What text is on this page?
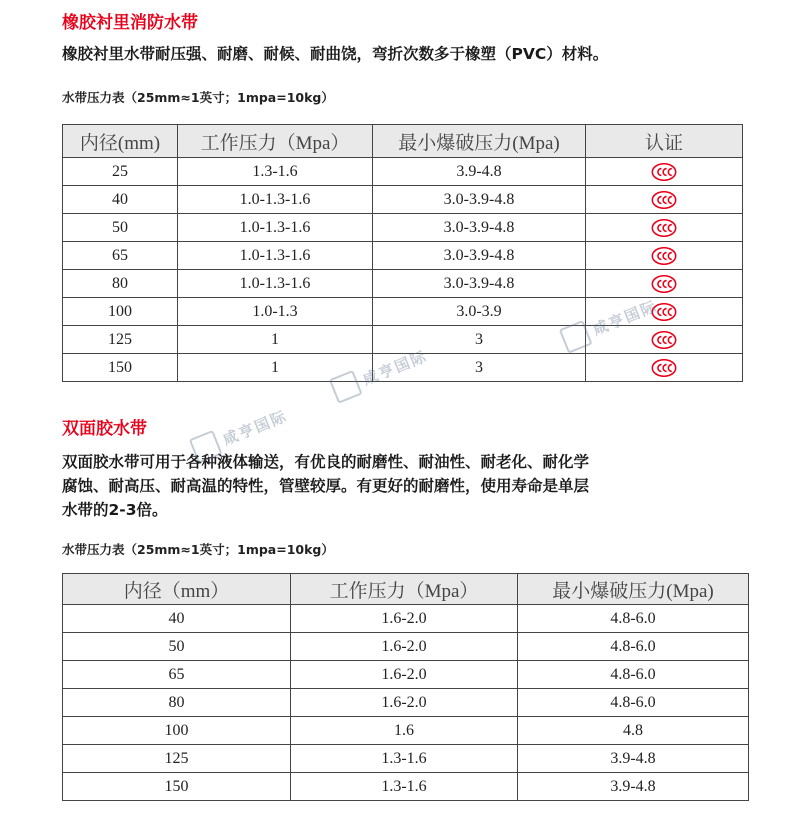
橡胶衬里消防水带

橡胶衬里水带耐压强、耐磨、耐候、耐曲饶，弯折次数多于橡塑（PVC）材料。

水带压力表（25mm≈1英寸；1mpa=10kg）

内径(mm)	工作压力（Mpa）	最小爆破压力(Mpa)	认证
25	1.3-1.6	3.9-4.8	
40	1.0-1.3-1.6	3.0-3.9-4.8	
50	1.0-1.3-1.6	3.0-3.9-4.8	
65	1.0-1.3-1.6	3.0-3.9-4.8	
80	1.0-1.3-1.6	3.0-3.9-4.8	
100	1.0-1.3	3.0-3.9	
125	1	3	
150	1	3	
双面胶水带
双面胶水带可用于各种液体输送，有优良的耐磨性、耐油性、耐老化、耐化学
腐蚀、耐高压、耐高温的特性，管壁较厚。有更好的耐磨性，使用寿命是单层
水带的2-3倍。

水带压力表（25mm≈1英寸；1mpa=10kg）

内径（mm）	工作压力（Mpa）	最小爆破压力(Mpa)
40	1.6-2.0	4.8-6.0
50	1.6-2.0	4.8-6.0
65	1.6-2.0	4.8-6.0
80	1.6-2.0	4.8-6.0
100	1.6	4.8
125	1.3-1.6	3.9-4.8
150	1.3-1.6	3.9-4.8
咸亨国际
咸亨国际
咸亨国际
